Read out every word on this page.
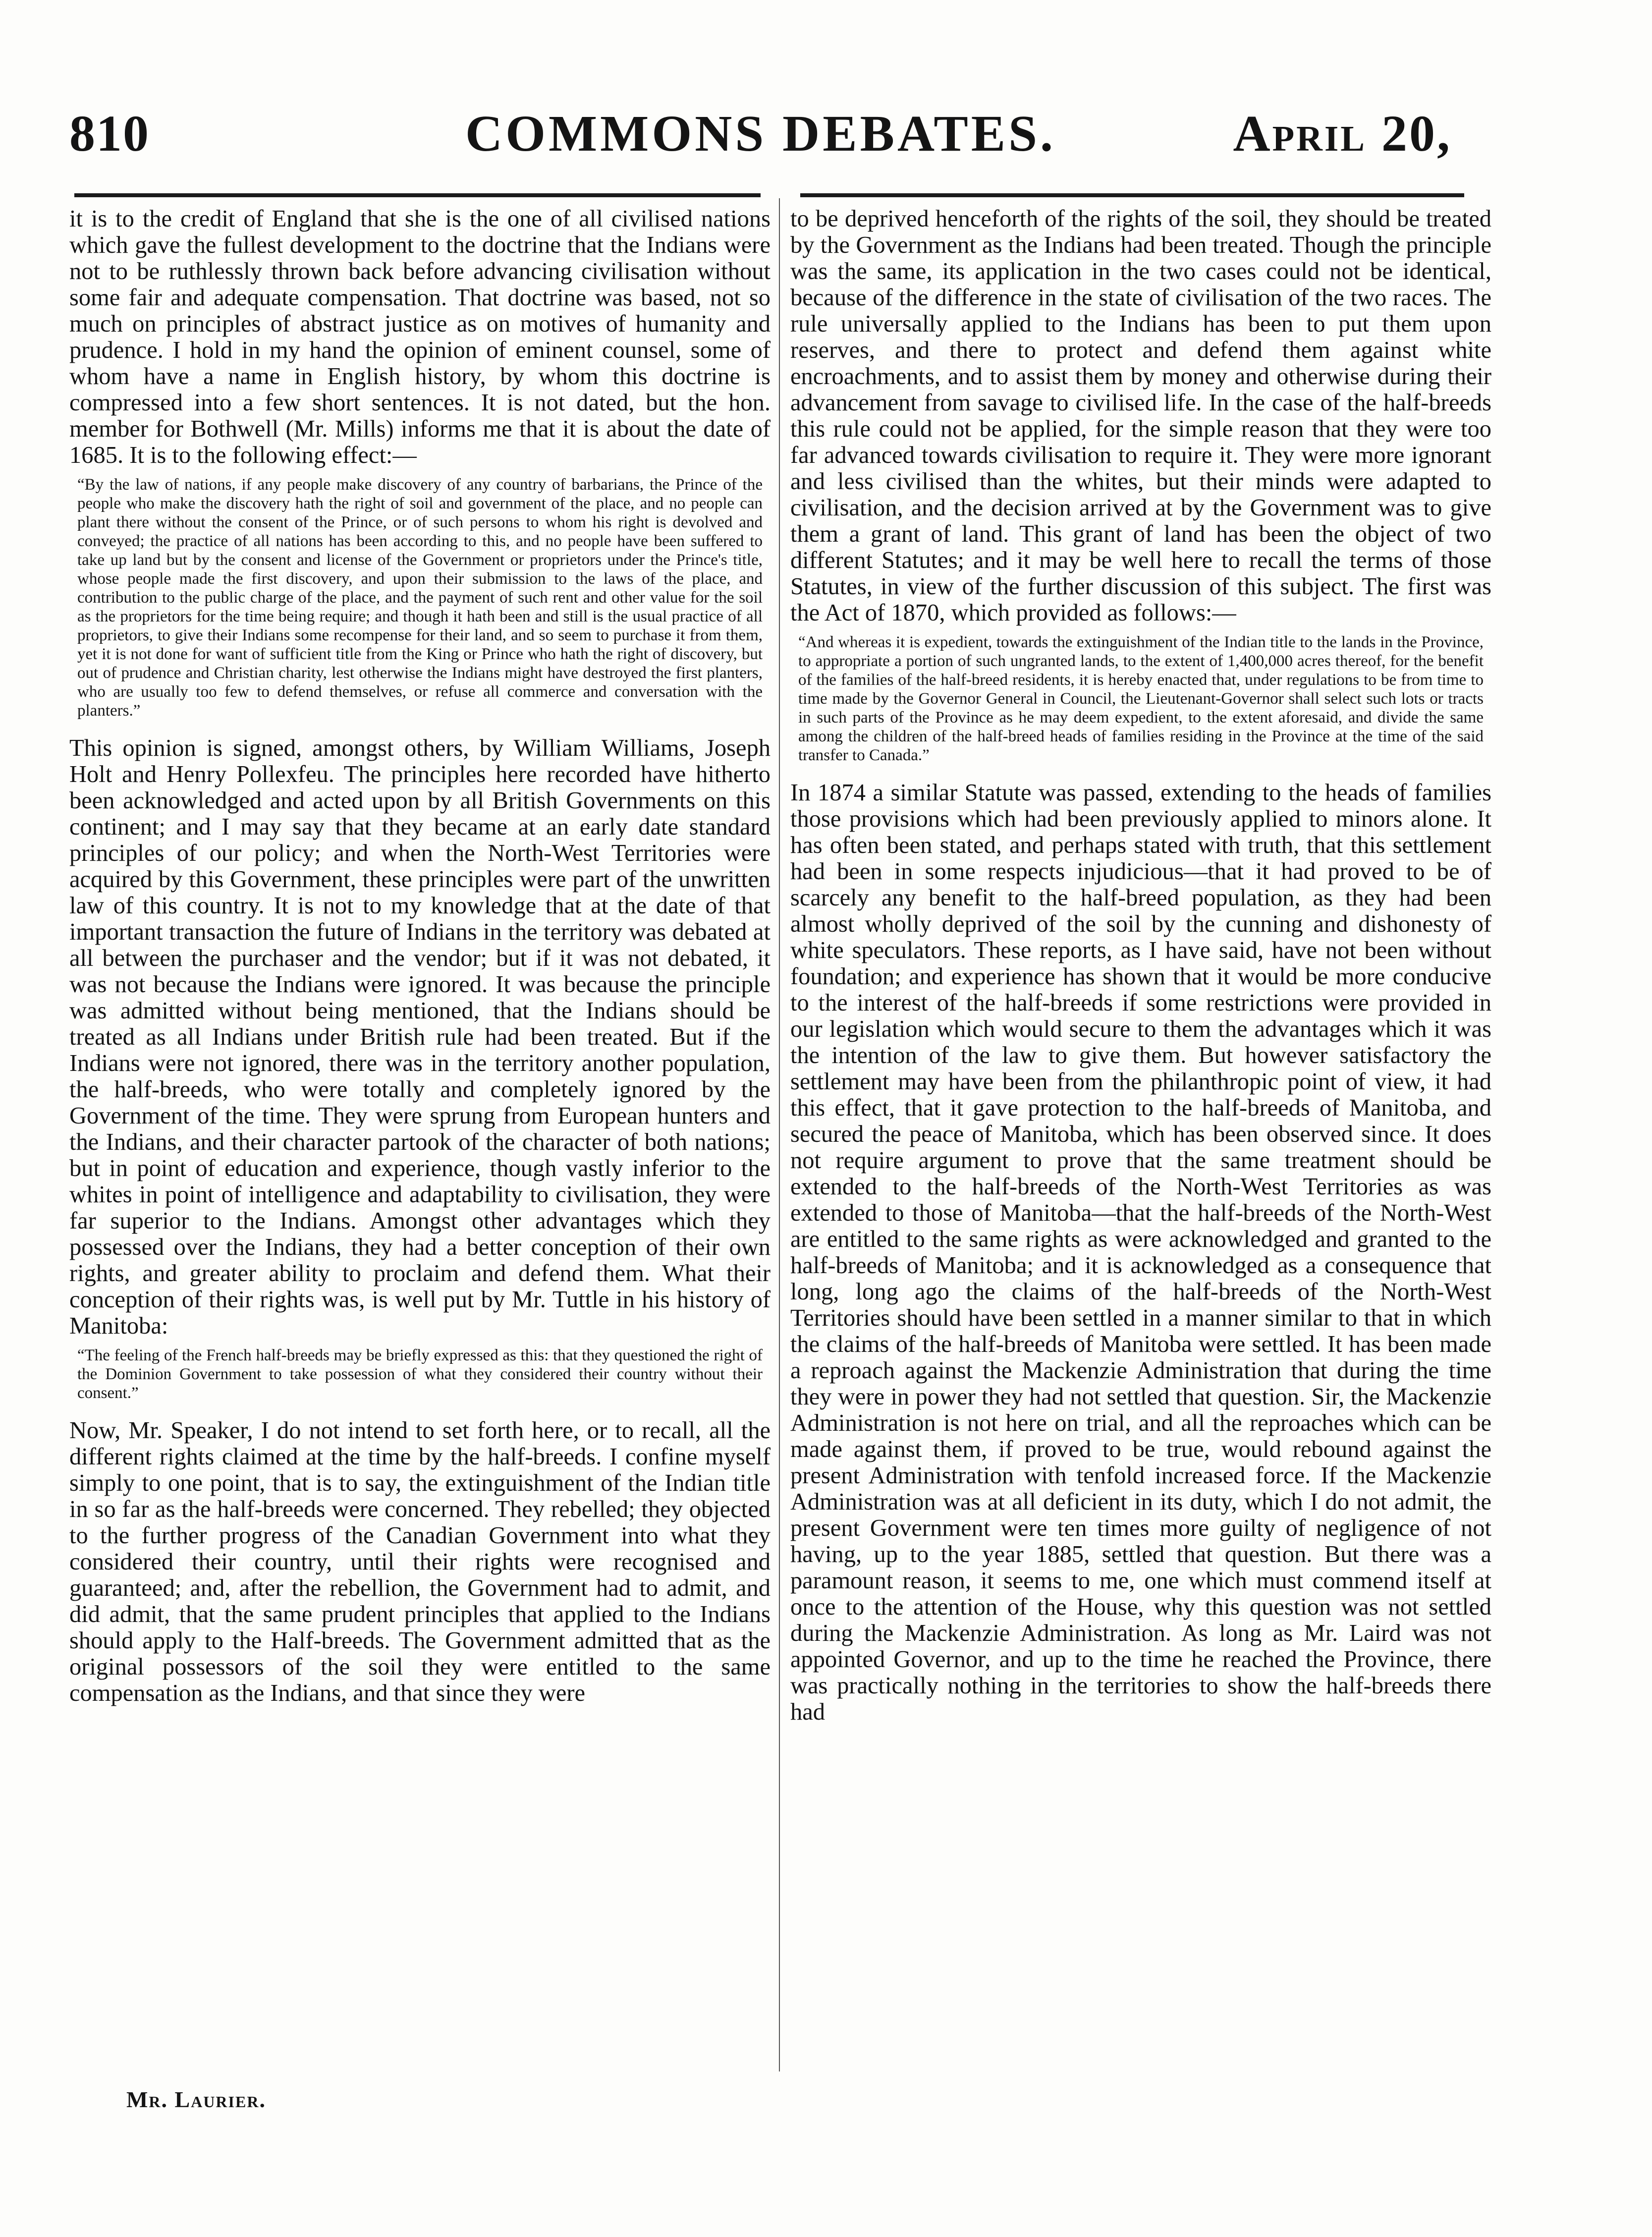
810	COMMONS DEBATES.	April 20,

it is to the credit of England that she is the one of all civilised nations which gave the fullest development to the doctrine that the Indians were not to be ruthlessly thrown back before advancing civilisation without some fair and adequate compensation. That doctrine was based, not so much on principles of abstract justice as on motives of humanity and prudence. I hold in my hand the opinion of eminent counsel, some of whom have a name in English history, by whom this doctrine is compressed into a few short sentences. It is not dated, but the hon. member for Bothwell (Mr. Mills) informs me that it is about the date of 1685. It is to the following effect:—

“By the law of nations, if any people make discovery of any country of barbarians, the Prince of the people who make the discovery hath the right of soil and government of the place, and no people can plant there without the consent of the Prince, or of such persons to whom his right is devolved and conveyed; the practice of all nations has been according to this, and no people have been suffered to take up land but by the consent and license of the Government or proprietors under the Prince's title, whose people made the first discovery, and upon their submission to the laws of the place, and contribution to the public charge of the place, and the payment of such rent and other value for the soil as the proprietors for the time being require; and though it hath been and still is the usual practice of all proprietors, to give their Indians some recompense for their land, and so seem to purchase it from them, yet it is not done for want of sufficient title from the King or Prince who hath the right of discovery, but out of prudence and Christian charity, lest otherwise the Indians might have destroyed the first planters, who are usually too few to defend themselves, or refuse all commerce and conversation with the planters.”

This opinion is signed, amongst others, by William Williams, Joseph Holt and Henry Pollexfeu. The principles here recorded have hitherto been acknowledged and acted upon by all British Governments on this continent; and I may say that they became at an early date standard principles of our policy; and when the North-West Territories were acquired by this Government, these principles were part of the unwritten law of this country. It is not to my knowledge that at the date of that important transaction the future of Indians in the territory was debated at all between the purchaser and the vendor; but if it was not debated, it was not because the Indians were ignored. It was because the principle was admitted without being mentioned, that the Indians should be treated as all Indians under British rule had been treated. But if the Indians were not ignored, there was in the territory another population, the half-breeds, who were totally and completely ignored by the Government of the time. They were sprung from European hunters and the Indians, and their character partook of the character of both nations; but in point of education and experience, though vastly inferior to the whites in point of intelligence and adaptability to civilisation, they were far superior to the Indians. Amongst other advantages which they possessed over the Indians, they had a better conception of their own rights, and greater ability to proclaim and defend them. What their conception of their rights was, is well put by Mr. Tuttle in his history of Manitoba:

“The feeling of the French half-breeds may be briefly expressed as this: that they questioned the right of the Dominion Government to take possession of what they considered their country without their consent.”

Now, Mr. Speaker, I do not intend to set forth here, or to recall, all the different rights claimed at the time by the half-breeds. I confine myself simply to one point, that is to say, the extinguishment of the Indian title in so far as the half-breeds were concerned. They rebelled; they objected to the further progress of the Canadian Government into what they considered their country, until their rights were recognised and guaranteed; and, after the rebellion, the Government had to admit, and did admit, that the same prudent principles that applied to the Indians should apply to the Half-breeds. The Government admitted that as the original possessors of the soil they were entitled to the same compensation as the Indians, and that since they were

to be deprived henceforth of the rights of the soil, they should be treated by the Government as the Indians had been treated. Though the principle was the same, its application in the two cases could not be identical, because of the difference in the state of civilisation of the two races. The rule universally applied to the Indians has been to put them upon reserves, and there to protect and defend them against white encroachments, and to assist them by money and otherwise during their advancement from savage to civilised life. In the case of the half-breeds this rule could not be applied, for the simple reason that they were too far advanced towards civilisation to require it. They were more ignorant and less civilised than the whites, but their minds were adapted to civilisation, and the decision arrived at by the Government was to give them a grant of land. This grant of land has been the object of two different Statutes; and it may be well here to recall the terms of those Statutes, in view of the further discussion of this subject. The first was the Act of 1870, which provided as follows:—

“And whereas it is expedient, towards the extinguishment of the Indian title to the lands in the Province, to appropriate a portion of such ungranted lands, to the extent of 1,400,000 acres thereof, for the benefit of the families of the half-breed residents, it is hereby enacted that, under regulations to be from time to time made by the Governor General in Council, the Lieutenant-Governor shall select such lots or tracts in such parts of the Province as he may deem expedient, to the extent aforesaid, and divide the same among the children of the half-breed heads of families residing in the Province at the time of the said transfer to Canada.”

In 1874 a similar Statute was passed, extending to the heads of families those provisions which had been previously applied to minors alone. It has often been stated, and perhaps stated with truth, that this settlement had been in some respects injudicious—that it had proved to be of scarcely any benefit to the half-breed population, as they had been almost wholly deprived of the soil by the cunning and dishonesty of white speculators. These reports, as I have said, have not been without foundation; and experience has shown that it would be more conducive to the interest of the half-breeds if some restrictions were provided in our legislation which would secure to them the advantages which it was the intention of the law to give them. But however satisfactory the settlement may have been from the philanthropic point of view, it had this effect, that it gave protection to the half-breeds of Manitoba, and secured the peace of Manitoba, which has been observed since. It does not require argument to prove that the same treatment should be extended to the half-breeds of the North-West Territories as was extended to those of Manitoba—that the half-breeds of the North-West are entitled to the same rights as were acknowledged and granted to the half-breeds of Manitoba; and it is acknowledged as a consequence that long, long ago the claims of the half-breeds of the North-West Territories should have been settled in a manner similar to that in which the claims of the half-breeds of Manitoba were settled. It has been made a reproach against the Mackenzie Administration that during the time they were in power they had not settled that question. Sir, the Mackenzie Administration is not here on trial, and all the reproaches which can be made against them, if proved to be true, would rebound against the present Administration with tenfold increased force. If the Mackenzie Administration was at all deficient in its duty, which I do not admit, the present Government were ten times more guilty of negligence of not having, up to the year 1885, settled that question. But there was a paramount reason, it seems to me, one which must commend itself at once to the attention of the House, why this question was not settled during the Mackenzie Administration. As long as Mr. Laird was not appointed Governor, and up to the time he reached the Province, there was practically nothing in the territories to show the half-breeds there had

Mr. Laurier.
